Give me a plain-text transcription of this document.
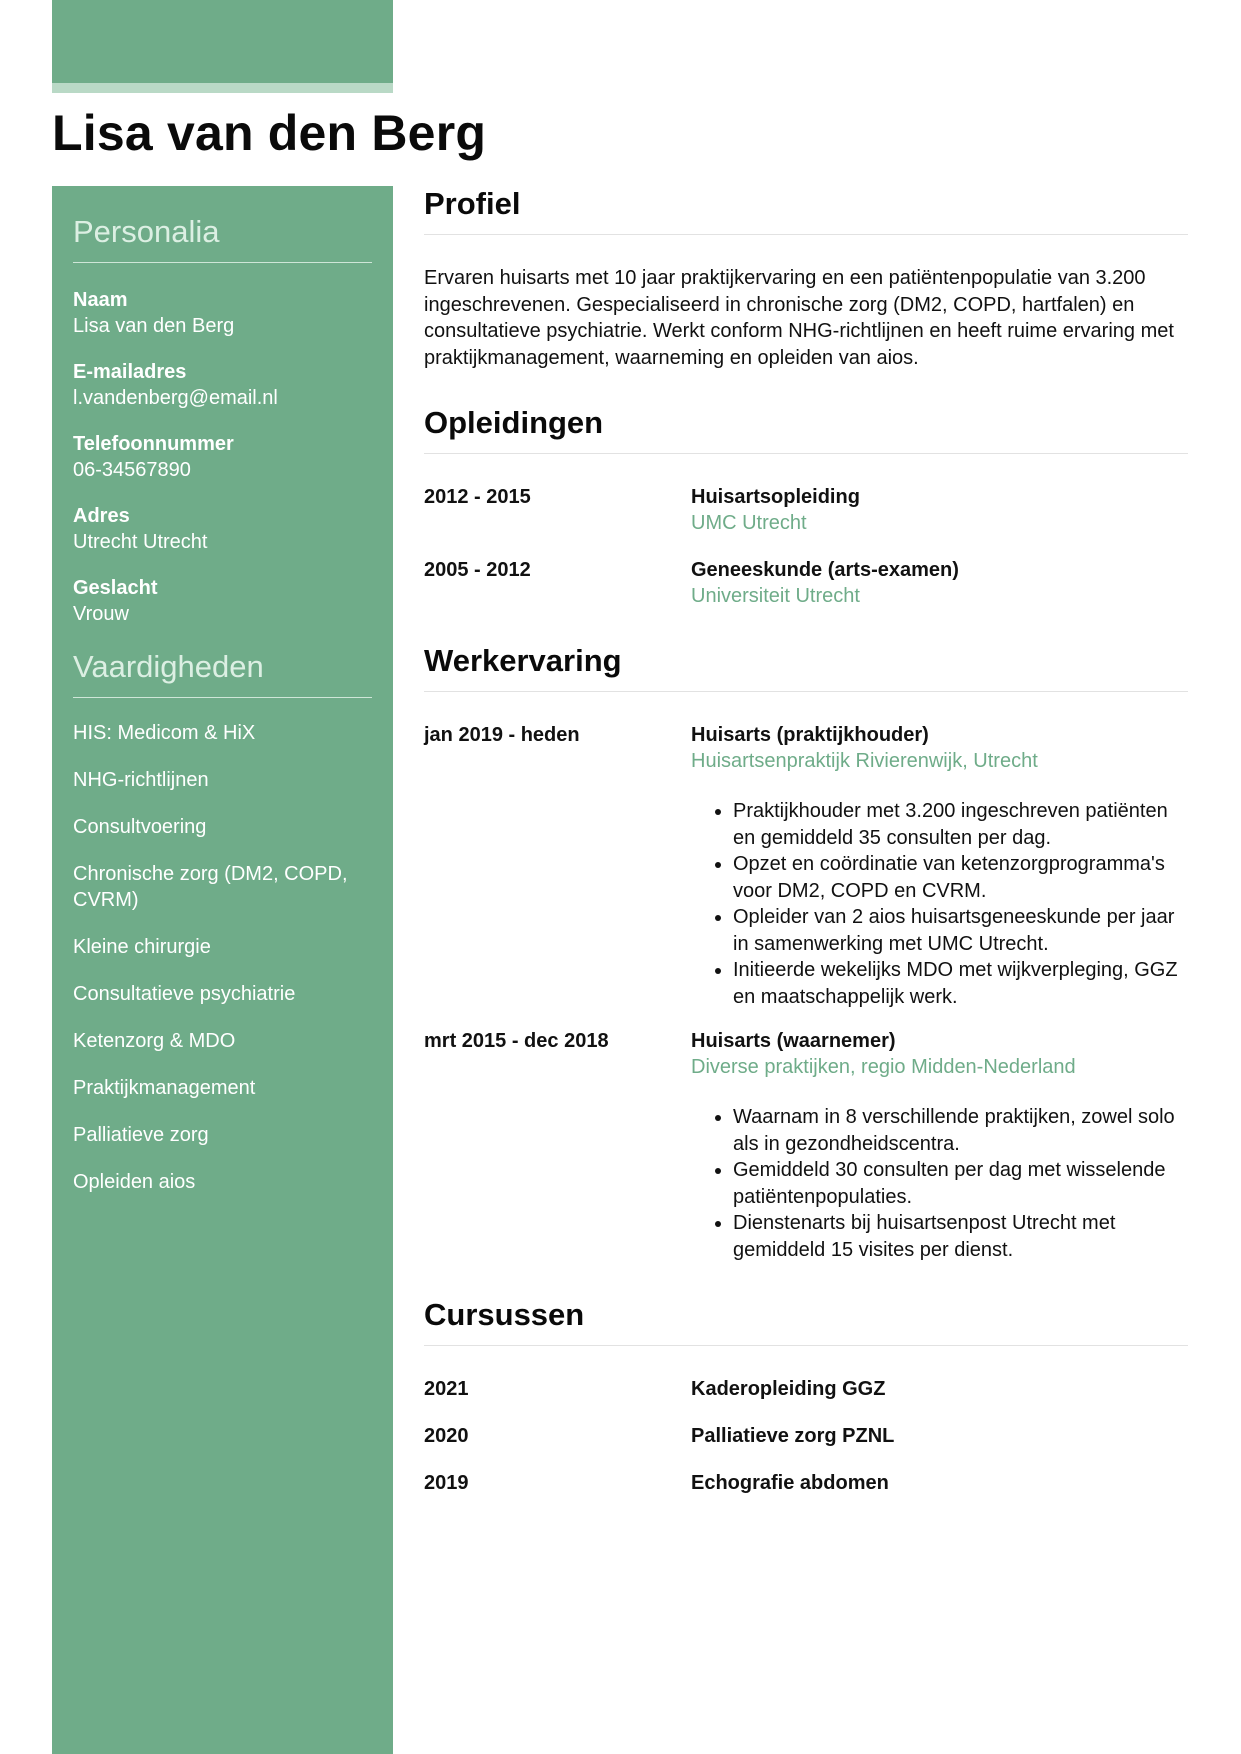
Lisa van den Berg
Personalia
Naam
Lisa van den Berg
E-mailadres
l.vandenberg@email.nl
Telefoonnummer
06-34567890
Adres
Utrecht Utrecht
Geslacht
Vrouw
Vaardigheden
HIS: Medicom & HiX
NHG-richtlijnen
Consultvoering
Chronische zorg (DM2, COPD, CVRM)
Kleine chirurgie
Consultatieve psychiatrie
Ketenzorg & MDO
Praktijkmanagement
Palliatieve zorg
Opleiden aios
Profiel

Ervaren huisarts met 10 jaar praktijkervaring en een patiëntenpopulatie van 3.200 ingeschrevenen. Gespecialiseerd in chronische zorg (DM2, COPD, hartfalen) en consultatieve psychiatrie. Werkt conform NHG-richtlijnen en heeft ruime ervaring met praktijkmanagement, waarneming en opleiden van aios.

Opleidingen
2012 - 2015	Huisartsopleiding
UMC Utrecht
2005 - 2012	Geneeskunde (arts-examen)
Universiteit Utrecht
Werkervaring
jan 2019 - heden	Huisarts (praktijkhouder)
Huisartsenpraktijk Rivierenwijk, Utrecht
• Praktijkhouder met 3.200 ingeschreven patiënten en gemiddeld 35 consulten per dag.
• Opzet en coördinatie van ketenzorgprogramma's voor DM2, COPD en CVRM.
• Opleider van 2 aios huisartsgeneeskunde per jaar in samenwerking met UMC Utrecht.
• Initieerde wekelijks MDO met wijkverpleging, GGZ en maatschappelijk werk.
mrt 2015 - dec 2018	Huisarts (waarnemer)
Diverse praktijken, regio Midden-Nederland
• Waarnam in 8 verschillende praktijken, zowel solo als in gezondheidscentra.
• Gemiddeld 30 consulten per dag met wisselende patiëntenpopulaties.
• Dienstenarts bij huisartsenpost Utrecht met gemiddeld 15 visites per dienst.
Cursussen
2021	Kaderopleiding GGZ
2020	Palliatieve zorg PZNL
2019	Echografie abdomen
